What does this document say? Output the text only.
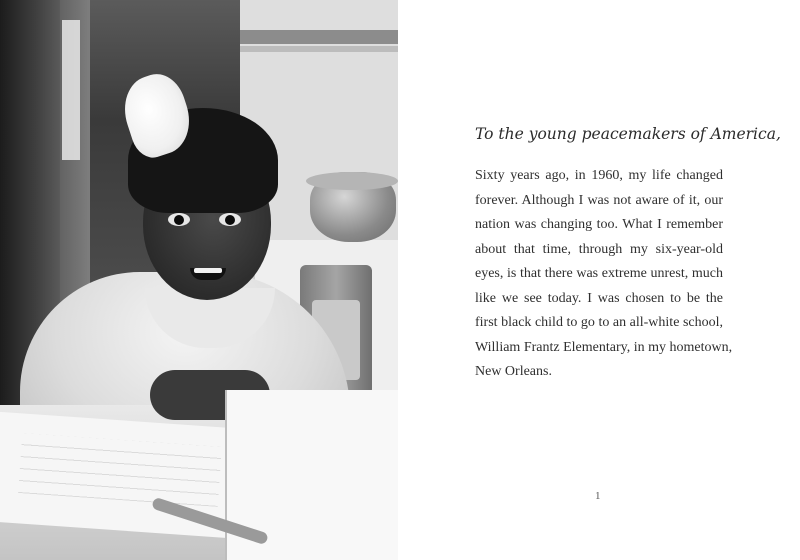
To the young peacemakers of America,
Sixty years ago, in 1960, my life changed
forever. Although I was not aware of it, our
nation was changing too. What I remember
about that time, through my six-year-old
eyes, is that there was extreme unrest, much
like we see today. I was chosen to be the
first black child to go to an all-white school,
William Frantz Elementary, in my hometown,
New Orleans.
1
